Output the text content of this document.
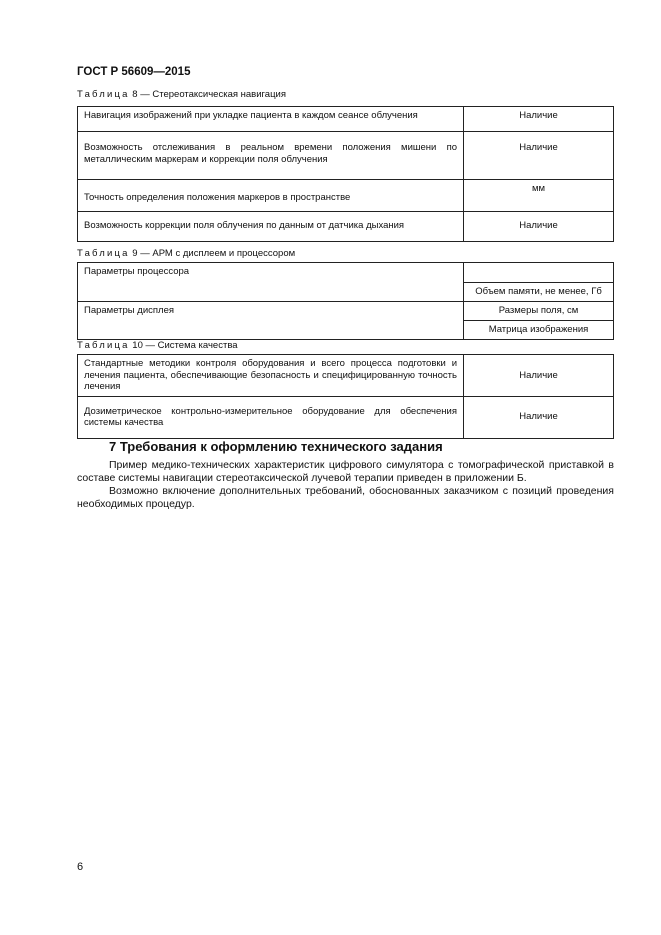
ГОСТ Р 56609—2015
Таблица 8 — Стереотаксическая навигация
Навигация изображений при укладке пациента в каждом сеансе облучения	Наличие
Возможность отслеживания в реальном времени положения мишени по металлическим маркерам и коррекции поля облучения	Наличие
Точность определения положения маркеров в пространстве	мм
Возможность коррекции поля облучения по данным от датчика дыхания	Наличие
Таблица 9 — АРМ с дисплеем и процессором
Параметры процессора	
	Объем памяти, не менее, Гб
Параметры дисплея	Размеры поля, см
	Матрица изображения
Таблица 10 — Система качества
Стандартные методики контроля оборудования и всего процесса подготовки и лечения пациента, обеспечивающие безопасность и специфицированную точность лечения	Наличие
Дозиметрическое контрольно-измерительное оборудование для обеспечения системы качества	Наличие
7 Требования к оформлению технического задания

Пример медико-технических характеристик цифрового симулятора с томографической приставкой в составе системы навигации стереотаксической лучевой терапии приведен в приложении Б.

Возможно включение дополнительных требований, обоснованных заказчиком с позиций проведения необходимых процедур.

6
